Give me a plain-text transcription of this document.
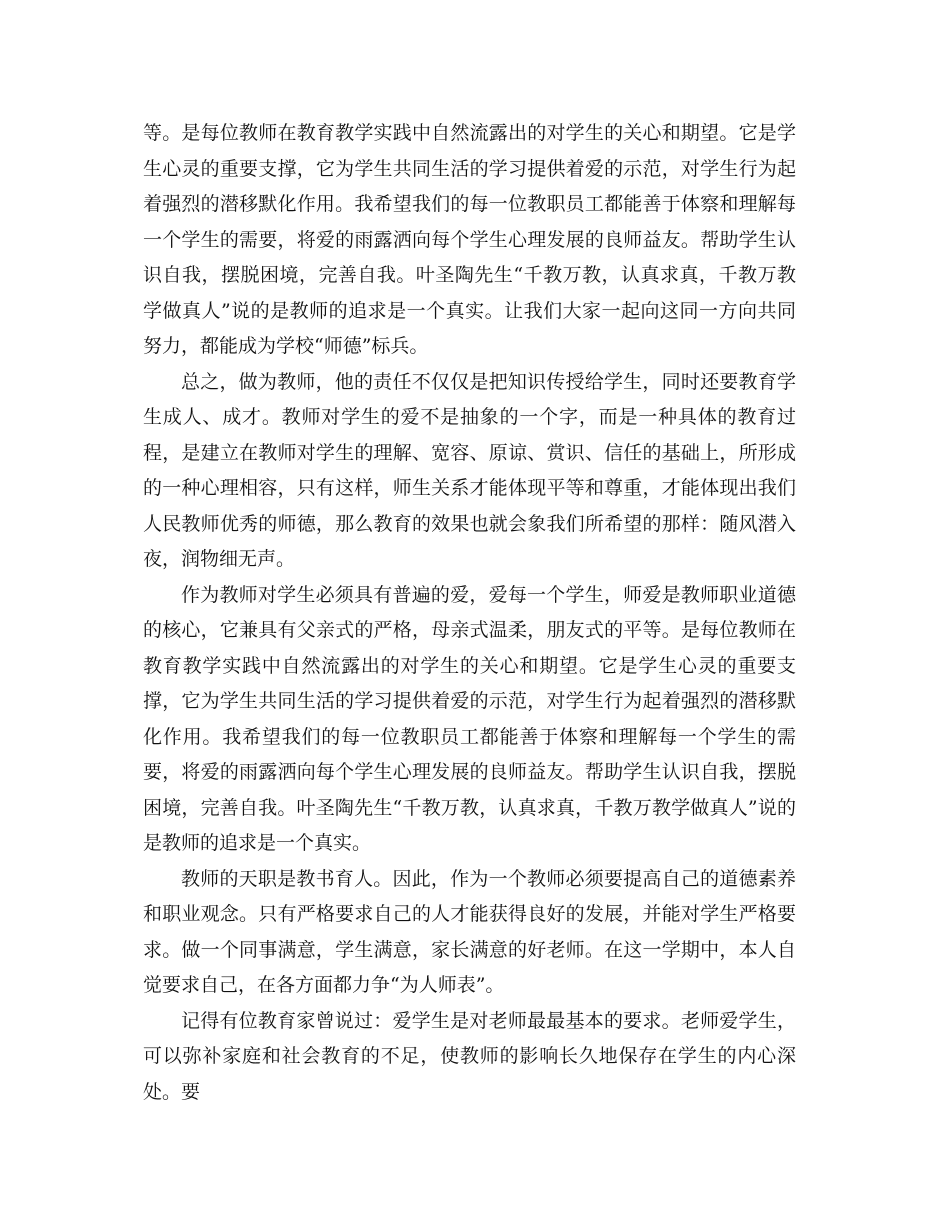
等。是每位教师在教育教学实践中自然流露出的对学生的关心和期望。它是学生心灵的重要支撑，它为学生共同生活的学习提供着爱的示范，对学生行为起着强烈的潜移默化作用。我希望我们的每一位教职员工都能善于体察和理解每一个学生的需要，将爱的雨露洒向每个学生心理发展的良师益友。帮助学生认识自我，摆脱困境，完善自我。叶圣陶先生“千教万教，认真求真，千教万教学做真人”说的是教师的追求是一个真实。让我们大家一起向这同一方向共同努力，都能成为学校“师德”标兵。

总之，做为教师，他的责任不仅仅是把知识传授给学生，同时还要教育学生成人、成才。教师对学生的爱不是抽象的一个字，而是一种具体的教育过程，是建立在教师对学生的理解、宽容、原谅、赏识、信任的基础上，所形成的一种心理相容，只有这样，师生关系才能体现平等和尊重，才能体现出我们人民教师优秀的师德，那么教育的效果也就会象我们所希望的那样：随风潜入夜，润物细无声。

作为教师对学生必须具有普遍的爱，爱每一个学生，师爱是教师职业道德的核心，它兼具有父亲式的严格，母亲式温柔，朋友式的平等。是每位教师在教育教学实践中自然流露出的对学生的关心和期望。它是学生心灵的重要支撑，它为学生共同生活的学习提供着爱的示范，对学生行为起着强烈的潜移默化作用。我希望我们的每一位教职员工都能善于体察和理解每一个学生的需要，将爱的雨露洒向每个学生心理发展的良师益友。帮助学生认识自我，摆脱困境，完善自我。叶圣陶先生“千教万教，认真求真，千教万教学做真人”说的是教师的追求是一个真实。

教师的天职是教书育人。因此，作为一个教师必须要提高自己的道德素养和职业观念。只有严格要求自己的人才能获得良好的发展，并能对学生严格要求。做一个同事满意，学生满意，家长满意的好老师。在这一学期中，本人自觉要求自己，在各方面都力争“为人师表”。

记得有位教育家曾说过：爱学生是对老师最最基本的要求。老师爱学生，可以弥补家庭和社会教育的不足，使教师的影响长久地保存在学生的内心深处。要
